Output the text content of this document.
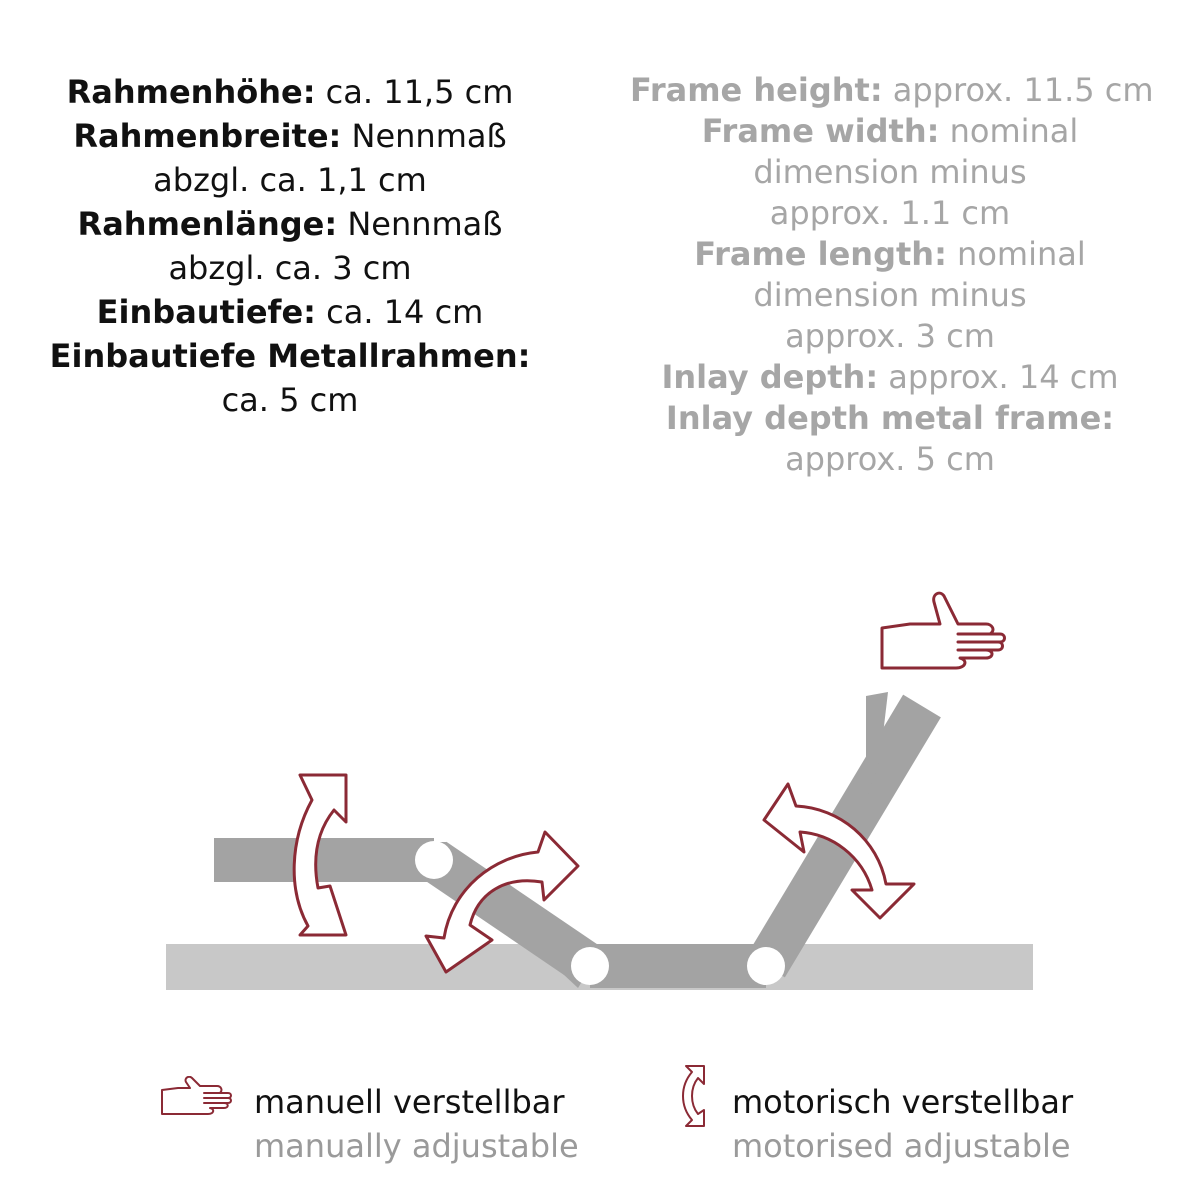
Rahmenhöhe: ca. 11,5 cm
Rahmenbreite: Nennmaß
abzgl. ca. 1,1 cm
Rahmenlänge: Nennmaß
abzgl. ca. 3 cm
Einbautiefe: ca. 14 cm
Einbautiefe Metallrahmen:
ca. 5 cm
Frame height: approx. 11.5 cm
Frame width: nominal
dimension minus
approx. 1.1 cm
Frame length: nominal
dimension minus
approx. 3 cm
Inlay depth: approx. 14 cm
Inlay depth metal frame:
approx. 5 cm
manuell verstellbar
manually adjustable
motorisch verstellbar
motorised adjustable
